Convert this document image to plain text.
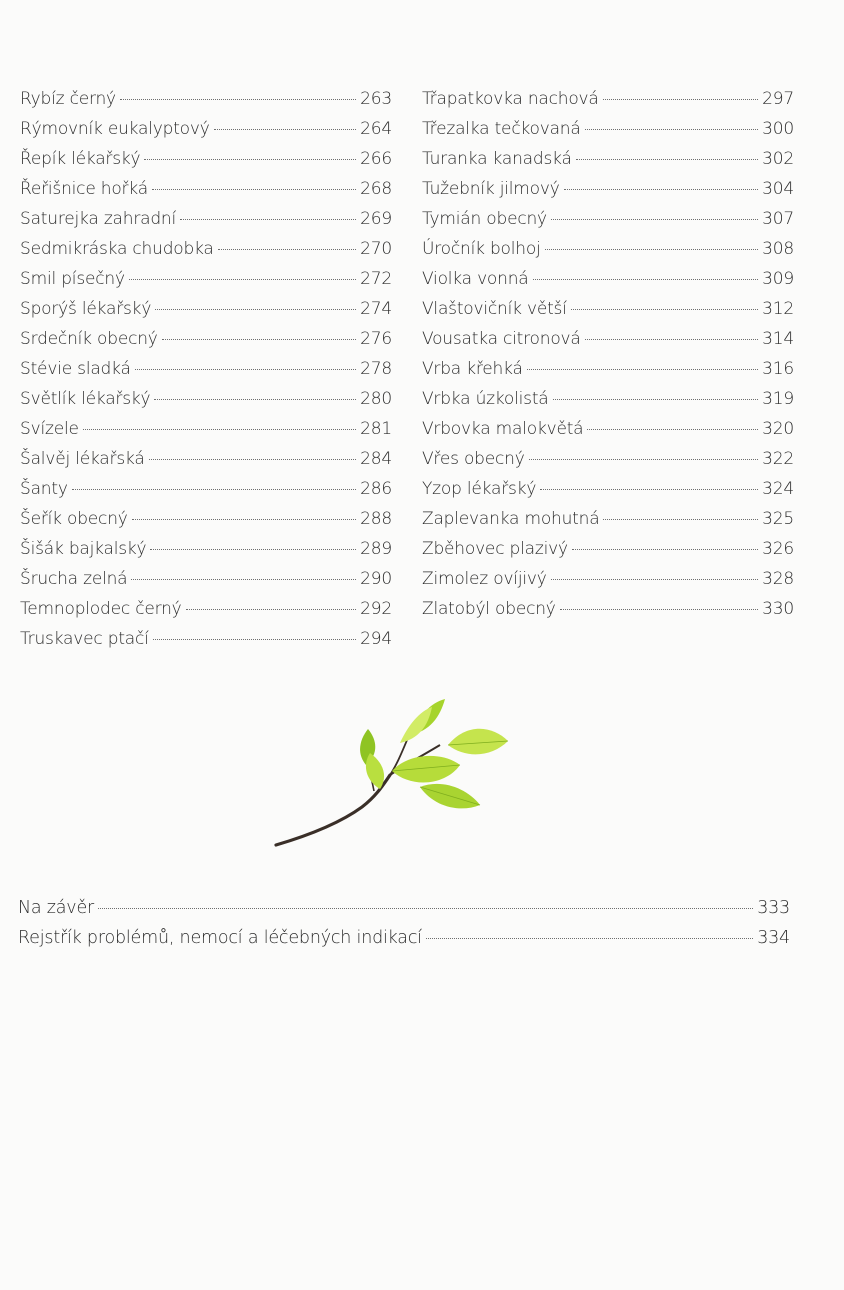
Rybíz černý	263
Rýmovník eukalyptový	264
Řepík lékařský	266
Řeřišnice hořká	268
Saturejka zahradní	269
Sedmikráska chudobka	270
Smil písečný	272
Sporýš lékařský	274
Srdečník obecný	276
Stévie sladká	278
Světlík lékařský	280
Svízele	281
Šalvěj lékařská	284
Šanty	286
Šeřík obecný	288
Šišák bajkalský	289
Šrucha zelná	290
Temnoplodec černý	292
Truskavec ptačí	294
Třapatkovka nachová	297
Třezalka tečkovaná	300
Turanka kanadská	302
Tužebník jilmový	304
Tymián obecný	307
Úročník bolhoj	308
Violka vonná	309
Vlaštovičník větší	312
Vousatka citronová	314
Vrba křehká	316
Vrbka úzkolistá	319
Vrbovka malokvětá	320
Vřes obecný	322
Yzop lékařský	324
Zaplevanka mohutná	325
Zběhovec plazivý	326
Zimolez ovíjivý	328
Zlatobýl obecný	330
Na závěr	333
Rejstřík problémů, nemocí a léčebných indikací	334
